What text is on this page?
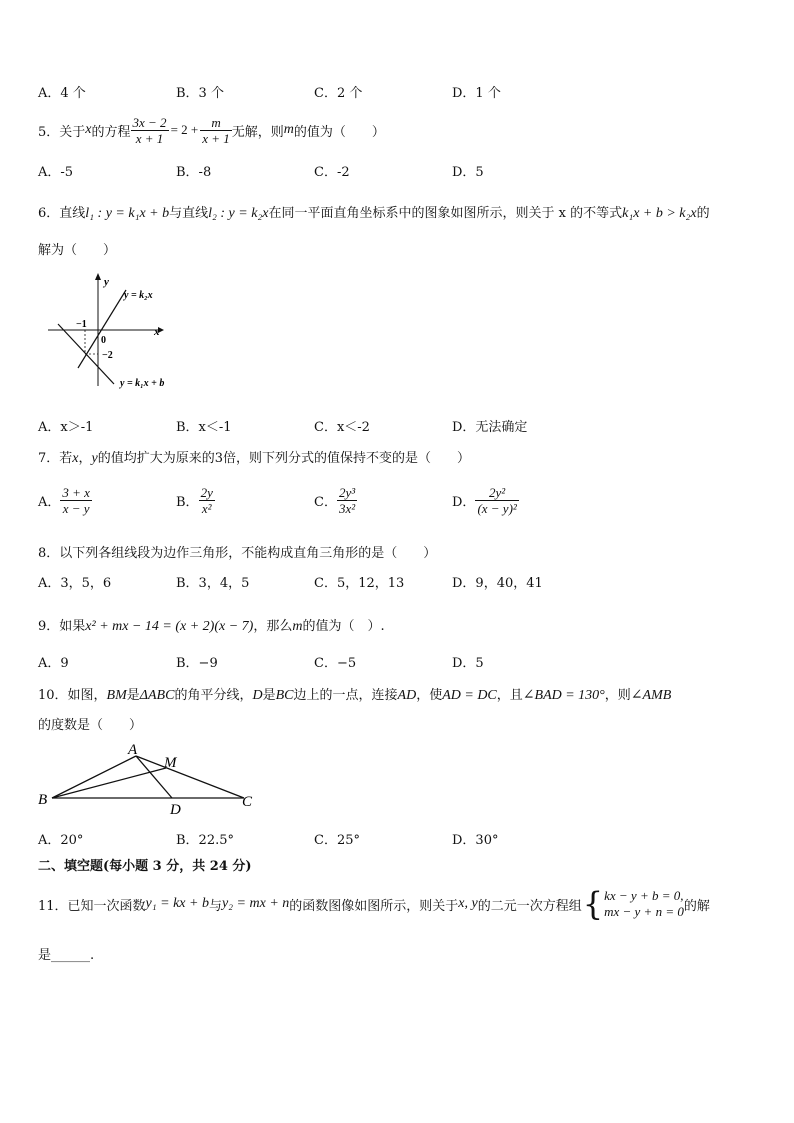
A．4 个	B．3 个	C．2 个	D．1 个
5．关于 x 的方程 $\frac{3x - 2}{x + 1} = 2 + \frac{m}{x + 1}$ 无解，则 m 的值为（　　）
A．-5	B．-8	C．-2	D．5
6．直线l₁ : y = k₁x + b与直线l₂ : y = k₂x在同一平面直角坐标系中的图象如图所示，则关于 x 的不等式k₁x + b > k₂x的
解为（　　）
y
x
0
−1
−2
y = k₂x
y = k₁x + b
A．x＞-1	B．x＜-1	C．x＜-2	D．无法确定
7．若x，y的值均扩大为原来的3倍，则下列分式的值保持不变的是（　　）
A． $\frac{3 + x}{x - y}$	B． $\frac{2y}{\text{x²}}$	C． $\frac{\text{2y³}}{\text{3x²}}$	D． $\frac{\text{2y²}}{\text{(x − y)²}}$
8．以下列各组线段为边作三角形，不能构成直角三角形的是（　　）
A．3，5，6	B．3，4，5	C．5，12，13	D．9，40，41
9．如果x² + mx − 14 = (x + 2)(x − 7)，那么m的值为（　）.
A．9	B．−9	C．−5	D．5
10．如图，BM是ΔABC的角平分线，D是BC边上的一点，连接AD，使AD = DC，且∠BAD = 130°，则∠AMB
的度数是（　　）
A
M
B
D	C
A．20°	B．22.5°	C．25°	D．30°
二、填空题(每小题 3 分，共 24 分)
11．已知一次函数 y₁ = kx + b 与 y₂ = mx + n 的函数图像如图所示，则关于 x, y 的二元一次方程组 { kx − y + b = 0,
mx − y + n = 0 的解
是______.
